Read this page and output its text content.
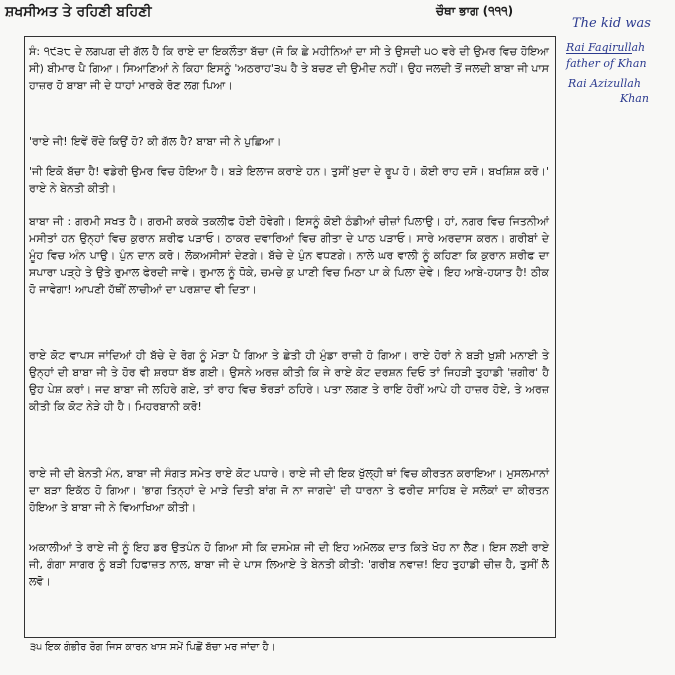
ਸ਼ਖਸੀਅਤ ਤੇ ਰਹਿਣੀ ਬਹਿਣੀ	ਚੌਥਾ ਭਾਗ (੧੧੧)
The kid was
Rai Faqirullah
father of Khan
Rai Azizullah
Khan
ਸੰ: ੧੯੩੮ ਦੇ ਲਗਪਗ ਦੀ ਗੱਲ ਹੈ ਕਿ ਰਾਏ ਦਾ ਇਕਲੌਤਾ ਬੱਚਾ (ਜੋ ਕਿ ਛੇ ਮਹੀਨਿਆਂ ਦਾ ਸੀ ਤੇ ਉਸਦੀ ੫੦ ਵਰੇ ਦੀ ਉਮਰ ਵਿਚ ਹੋਇਆ ਸੀ) ਬੀਮਾਰ ਪੈ ਗਿਆ। ਸਿਆਣਿਆਂ ਨੇ ਕਿਹਾ ਇਸਨੂੰ 'ਅਠਰਾਹ'੩੫ ਹੈ ਤੇ ਬਚਣ ਦੀ ਉਮੀਦ ਨਹੀਂ। ਉਹ ਜਲਦੀ ਤੋਂ ਜਲਦੀ ਬਾਬਾ ਜੀ ਪਾਸ ਹਾਜ਼ਰ ਹੋ ਬਾਬਾ ਜੀ ਦੇ ਧਾਹਾਂ ਮਾਰਕੇ ਰੋਣ ਲਗ ਪਿਆ।
'ਰਾਏ ਜੀ! ਇਵੇਂ ਰੋਂਦੇ ਕਿਉਂ ਹੋ? ਕੀ ਗੱਲ ਹੈ? ਬਾਬਾ ਜੀ ਨੇ ਪੁਛਿਆ।
'ਜੀ ਇਕੋ ਬੱਚਾ ਹੈ! ਵਡੇਰੀ ਉਮਰ ਵਿਚ ਹੋਇਆ ਹੈ। ਬੜੇ ਇਲਾਜ ਕਰਾਏ ਹਨ। ਤੁਸੀਂ ਖ਼ੁਦਾ ਦੇ ਰੂਪ ਹੋ। ਕੋਈ ਰਾਹ ਦਸੋ। ਬਖਸ਼ਿਸ਼ ਕਰੋ।' ਰਾਏ ਨੇ ਬੇਨਤੀ ਕੀਤੀ।
ਬਾਬਾ ਜੀ : ਗਰਮੀ ਸਖਤ ਹੈ। ਗਰਮੀ ਕਰਕੇ ਤਕਲੀਫ ਹੋਈ ਹੋਵੇਗੀ। ਇਸਨੂੰ ਕੋਈ ਠੰਡੀਆਂ ਚੀਜ਼ਾਂ ਪਿਲਾਉ। ਹਾਂ, ਨਗਰ ਵਿਚ ਜਿਤਨੀਆਂ ਮਸੀਤਾਂ ਹਨ ਉਨ੍ਹਾਂ ਵਿਚ ਕੁਰਾਨ ਸ਼ਰੀਫ ਪੜਾਓ। ਠਾਕਰ ਦਵਾਰਿਆਂ ਵਿਚ ਗੀਤਾ ਦੇ ਪਾਠ ਪੜਾਓ। ਸਾਰੇ ਅਰਦਾਸ ਕਰਨ। ਗਰੀਬਾਂ ਦੇ ਮੂੰਹ ਵਿਚ ਅੰਨ ਪਾਉ। ਪੁੰਨ ਦਾਨ ਕਰੋ। ਲੋਕਅਸੀਸਾਂ ਦੇਣਗੇ। ਬੱਚੇ ਦੇ ਪੁੰਨ ਵਧਣਗੇ। ਨਾਲੇ ਘਰ ਵਾਲੀ ਨੂੰ ਕਹਿਣਾ ਕਿ ਕੁਰਾਨ ਸ਼ਰੀਫ ਦਾ ਸਪਾਰਾ ਪੜ੍ਹੇ ਤੇ ਉਤੇ ਰੁਮਾਲ ਫੇਰਦੀ ਜਾਵੇ। ਰੁਮਾਲ ਨੂੰ ਧੋਕੇ, ਚਮਚੇ ਕੁ ਪਾਣੀ ਵਿਚ ਮਿਠਾ ਪਾ ਕੇ ਪਿਲਾ ਦੇਵੇ। ਇਹ ਆਬੇ-ਹਯਾਤ ਹੈ! ਠੀਕ ਹੋ ਜਾਵੇਗਾ! ਆਪਣੀ ਹੱਥੀਂ ਲਾਚੀਆਂ ਦਾ ਪਰਸ਼ਾਦ ਵੀ ਦਿਤਾ।
ਰਾਏ ਕੋਟ ਵਾਪਸ ਜਾਂਦਿਆਂ ਹੀ ਬੱਚੇ ਦੇ ਰੋਗ ਨੂੰ ਮੋੜਾ ਪੈ ਗਿਆ ਤੇ ਛੇਤੀ ਹੀ ਮੁੰਡਾ ਰਾਜ਼ੀ ਹੋ ਗਿਆ। ਰਾਏ ਹੋਰਾਂ ਨੇ ਬੜੀ ਖੁਸ਼ੀ ਮਨਾਈ ਤੇ ਉਨ੍ਹਾਂ ਦੀ ਬਾਬਾ ਜੀ ਤੇ ਹੋਰ ਵੀ ਸ਼ਰਧਾ ਬੱਝ ਗਈ। ਉਸਨੇ ਅਰਜ਼ ਕੀਤੀ ਕਿ ਜੇ ਰਾਏ ਕੋਟ ਦਰਸ਼ਨ ਦਿਓ ਤਾਂ ਜਿਹੜੀ ਤੁਹਾਡੀ 'ਜ਼ਗੀਰ' ਹੈ ਉਹ ਪੇਸ਼ ਕਰਾਂ। ਜਦ ਬਾਬਾ ਜੀ ਲਹਿਰੇ ਗਏ, ਤਾਂ ਰਾਹ ਵਿਚ ਝੋਰੜਾਂ ਠਹਿਰੇ। ਪਤਾ ਲਗਣ ਤੇ ਰਾਇ ਹੋਰੀਂ ਆਪੇ ਹੀ ਹਾਜ਼ਰ ਹੋਏ, ਤੇ ਅਰਜ਼ ਕੀਤੀ ਕਿ ਕੋਟ ਨੇੜੇ ਹੀ ਹੈ। ਮਿਹਰਬਾਨੀ ਕਰੋ!
ਰਾਏ ਜੀ ਦੀ ਬੇਨਤੀ ਮੰਨ, ਬਾਬਾ ਜੀ ਸੰਗਤ ਸਮੇਤ ਰਾਏ ਕੋਟ ਪਧਾਰੇ। ਰਾਏ ਜੀ ਦੀ ਇਕ ਖੁੱਲ੍ਹੀ ਥਾਂ ਵਿਚ ਕੀਰਤਨ ਕਰਾਇਆ। ਮੁਸਲਮਾਨਾਂ ਦਾ ਬੜਾ ਇਕੱਠ ਹੋ ਗਿਆ। 'ਭਾਗ ਤਿਨ੍ਹਾਂ ਦੇ ਮਾੜੇ ਦਿਤੀ ਬਾਂਗ ਜੋ ਨਾ ਜਾਗਦੇ' ਦੀ ਧਾਰਨਾ ਤੇ ਫਰੀਦ ਸਾਹਿਬ ਦੇ ਸਲੋਕਾਂ ਦਾ ਕੀਰਤਨ ਹੋਇਆ ਤੇ ਬਾਬਾ ਜੀ ਨੇ ਵਿਆਖਿਆ ਕੀਤੀ।
ਅਕਾਲੀਆਂ ਤੇ ਰਾਏ ਜੀ ਨੂੰ ਇਹ ਡਰ ਉਤਪੰਨ ਹੋ ਗਿਆ ਸੀ ਕਿ ਦਸਮੇਸ਼ ਜੀ ਦੀ ਇਹ ਅਮੋਲਕ ਦਾਤ ਕਿਤੇ ਖੋਹ ਨਾ ਲੈਣ। ਇਸ ਲਈ ਰਾਏ ਜੀ, ਗੰਗਾ ਸਾਗਰ ਨੂੰ ਬੜੀ ਹਿਫਾਜ਼ਤ ਨਾਲ, ਬਾਬਾ ਜੀ ਦੇ ਪਾਸ ਲਿਆਏ ਤੇ ਬੇਨਤੀ ਕੀਤੀ: 'ਗਰੀਬ ਨਵਾਜ਼! ਇਹ ਤੁਹਾਡੀ ਚੀਜ਼ ਹੈ, ਤੁਸੀਂ ਲੈ ਲਵੋ।
੩੫ ਇਕ ਗੰਭੀਰ ਰੋਗ ਜਿਸ ਕਾਰਨ ਖਾਸ ਸਮੇਂ ਪਿਛੋਂ ਬੱਚਾ ਮਰ ਜਾਂਦਾ ਹੈ।
